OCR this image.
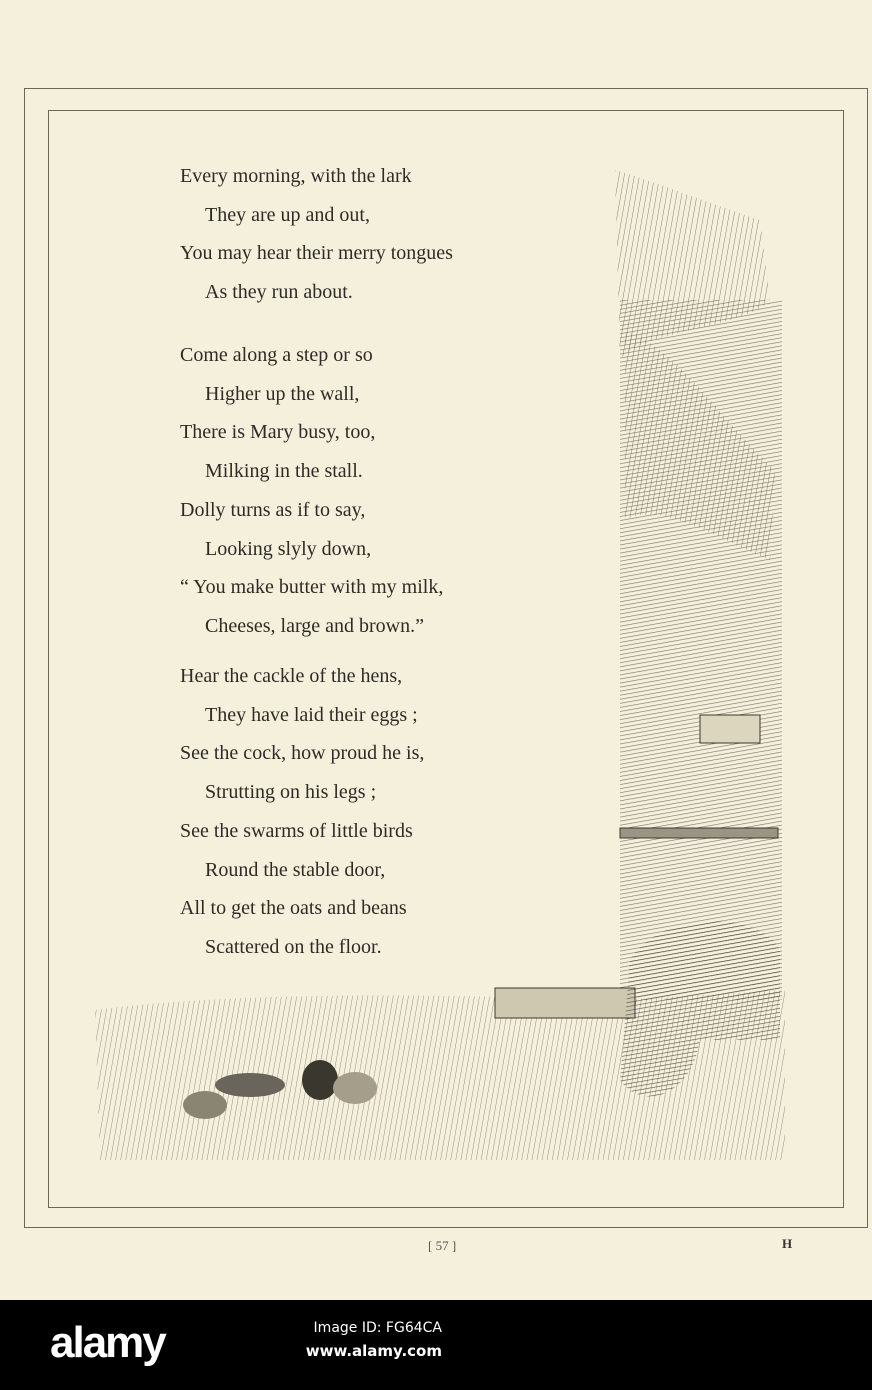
Every morning, with the lark
They are up and out,
You may hear their merry tongues
As they run about.
Come along a step or so
Higher up the wall,
There is Mary busy, too,
Milking in the stall.
Dolly turns as if to say,
Looking slyly down,
“ You make butter with my milk,
Cheeses, large and brown.”
Hear the cackle of the hens,
They have laid their eggs ;
See the cock, how proud he is,
Strutting on his legs ;
See the swarms of little birds
Round the stable door,
All to get the oats and beans
Scattered on the floor.
[ 57 ]	H
alamy	Image ID: FG64CA
www.alamy.com
